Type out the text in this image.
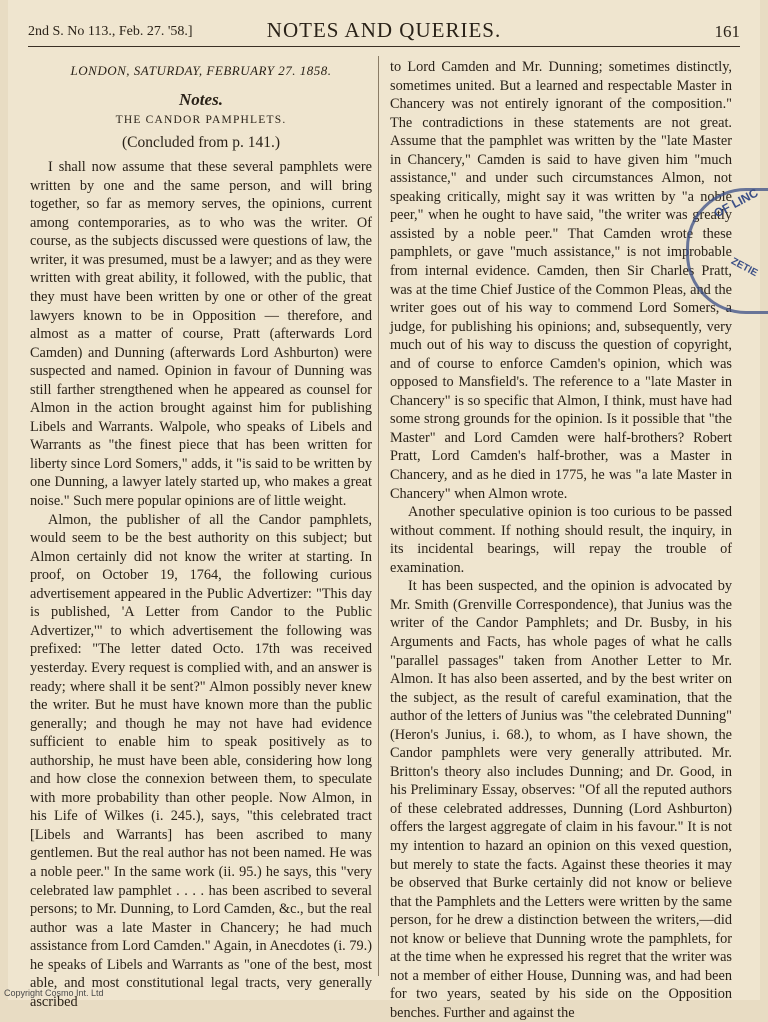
2nd S. No 113., Feb. 27. '58.]	NOTES AND QUERIES.	161
LONDON, SATURDAY, FEBRUARY 27. 1858.
Notes.
THE CANDOR PAMPHLETS.
(Concluded from p. 141.)

I shall now assume that these several pamphlets were written by one and the same person, and will bring together, so far as memory serves, the opinions, current among contemporaries, as to who was the writer. Of course, as the subjects discussed were questions of law, the writer, it was presumed, must be a lawyer; and as they were written with great ability, it followed, with the public, that they must have been written by one or other of the great lawyers known to be in Opposition — therefore, and almost as a matter of course, Pratt (afterwards Lord Camden) and Dunning (afterwards Lord Ashburton) were suspected and named. Opinion in favour of Dunning was still farther strengthened when he appeared as counsel for Almon in the action brought against him for publishing Libels and Warrants. Walpole, who speaks of Libels and Warrants as "the finest piece that has been written for liberty since Lord Somers," adds, it "is said to be written by one Dunning, a lawyer lately started up, who makes a great noise." Such mere popular opinions are of little weight.

Almon, the publisher of all the Candor pamphlets, would seem to be the best authority on this subject; but Almon certainly did not know the writer at starting. In proof, on October 19, 1764, the following curious advertisement appeared in the Public Advertizer: "This day is published, 'A Letter from Candor to the Public Advertizer,'" to which advertisement the following was prefixed: "The letter dated Octo. 17th was received yesterday. Every request is complied with, and an answer is ready; where shall it be sent?" Almon possibly never knew the writer. But he must have known more than the public generally; and though he may not have had evidence sufficient to enable him to speak positively as to authorship, he must have been able, considering how long and how close the connexion between them, to speculate with more probability than other people. Now Almon, in his Life of Wilkes (i. 245.), says, "this celebrated tract [Libels and Warrants] has been ascribed to many gentlemen. But the real author has not been named. He was a noble peer." In the same work (ii. 95.) he says, this "very celebrated law pamphlet . . . . has been ascribed to several persons; to Mr. Dunning, to Lord Camden, &c., but the real author was a late Master in Chancery; he had much assistance from Lord Camden." Again, in Anecdotes (i. 79.) he speaks of Libels and Warrants as "one of the best, most able, and most constitutional legal tracts, very generally ascribed

to Lord Camden and Mr. Dunning; sometimes distinctly, sometimes united. But a learned and respectable Master in Chancery was not entirely ignorant of the composition." The contradictions in these statements are not great. Assume that the pamphlet was written by the "late Master in Chancery," Camden is said to have given him "much assistance," and under such circumstances Almon, not speaking critically, might say it was written by "a noble peer," when he ought to have said, "the writer was greatly assisted by a noble peer." That Camden wrote these pamphlets, or gave "much assistance," is not improbable from internal evidence. Camden, then Sir Charles Pratt, was at the time Chief Justice of the Common Pleas, and the writer goes out of his way to commend Lord Somers, a judge, for publishing his opinions; and, subsequently, very much out of his way to discuss the question of copyright, and of course to enforce Camden's opinion, which was opposed to Mansfield's. The reference to a "late Master in Chancery" is so specific that Almon, I think, must have had some strong grounds for the opinion. Is it possible that "the Master" and Lord Camden were half-brothers? Robert Pratt, Lord Camden's half-brother, was a Master in Chancery, and as he died in 1775, he was "a late Master in Chancery" when Almon wrote.

Another speculative opinion is too curious to be passed without comment. If nothing should result, the inquiry, in its incidental bearings, will repay the trouble of examination.

It has been suspected, and the opinion is advocated by Mr. Smith (Grenville Correspondence), that Junius was the writer of the Candor Pamphlets; and Dr. Busby, in his Arguments and Facts, has whole pages of what he calls "parallel passages" taken from Another Letter to Mr. Almon. It has also been asserted, and by the best writer on the subject, as the result of careful examination, that the author of the letters of Junius was "the celebrated Dunning" (Heron's Junius, i. 68.), to whom, as I have shown, the Candor pamphlets were very generally attributed. Mr. Britton's theory also includes Dunning; and Dr. Good, in his Preliminary Essay, observes: "Of all the reputed authors of these celebrated addresses, Dunning (Lord Ashburton) offers the largest aggregate of claim in his favour." It is not my intention to hazard an opinion on this vexed question, but merely to state the facts. Against these theories it may be observed that Burke certainly did not know or believe that the Pamphlets and the Letters were written by the same person, for he drew a distinction between the writers,—did not know or believe that Dunning wrote the pamphlets, for at the time when he expressed his regret that the writer was not a member of either House, Dunning was, and had been for two years, seated by his side on the Opposition benches. Further and against the

OF LINC
ZETIE
Copyright Cosmo Int. Ltd
